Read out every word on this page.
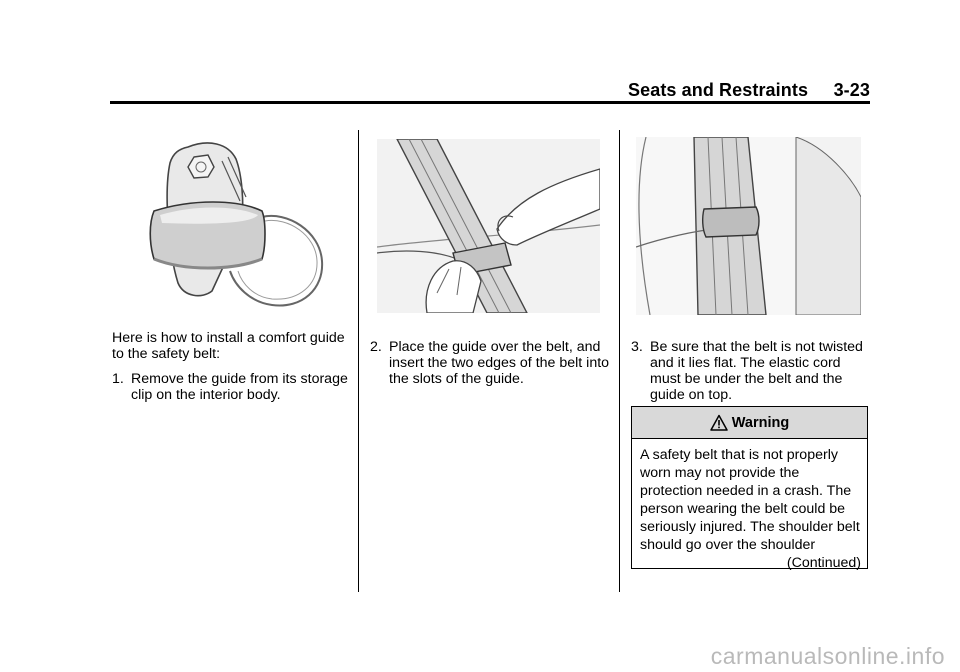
Seats and Restraints     3-23

Here is how to install a comfort guide to the safety belt:

1. Remove the guide from its storage clip on the interior body.

2. Place the guide over the belt, and insert the two edges of the belt into the slots of the guide.

3. Be sure that the belt is not twisted and it lies flat. The elastic cord must be under the belt and the guide on top.

Warning
A safety belt that is not properly worn may not provide the protection needed in a crash. The person wearing the belt could be seriously injured. The shoulder belt should go over the shoulder
(Continued)
carmanualsonline.info
